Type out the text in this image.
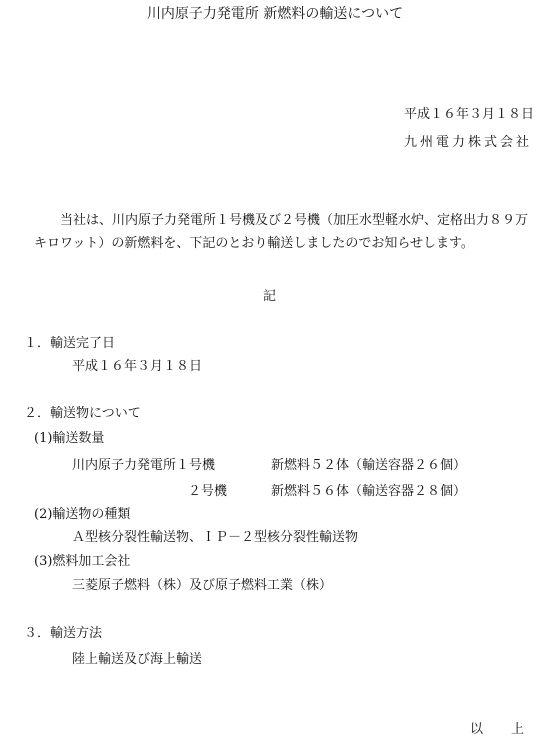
川内原子力発電所 新燃料の輸送について
平成１６年３月１８日
九州電力株式会社
当社は、川内原子力発電所１号機及び２号機（加圧水型軽水炉、定格出力８９万キロワット）の新燃料を、下記のとおり輸送しましたのでお知らせします。
記
１． 輸送完了日
平成１６年３月１８日
２． 輸送物について
(1) 輸送数量
川内原子力発電所１号機	新燃料５２体（輸送容器２６個）
２号機	新燃料５６体（輸送容器２８個）
(2) 輸送物の種類
Ａ型核分裂性輸送物、ＩＰ－２型核分裂性輸送物
(3) 燃料加工会社
三菱原子燃料（株）及び原子燃料工業（株）
３． 輸送方法
陸上輸送及び海上輸送
以 上
